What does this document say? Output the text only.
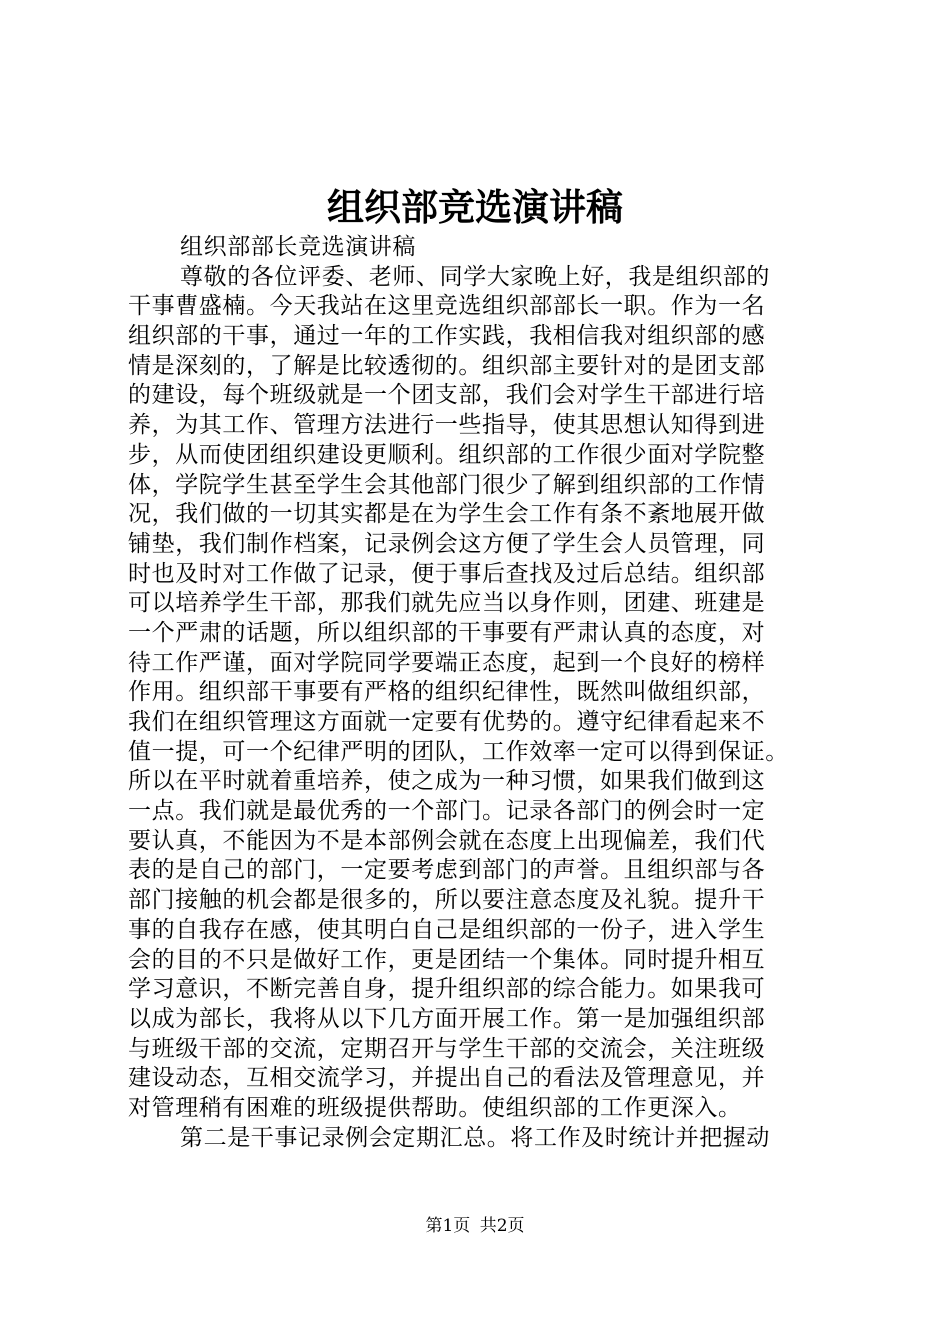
组织部竞选演讲稿
组织部部长竞选演讲稿
尊敬的各位评委、老师、同学大家晚上好，我是组织部的
干事曹盛楠。今天我站在这里竞选组织部部长一职。作为一名
组织部的干事，通过一年的工作实践，我相信我对组织部的感
情是深刻的，了解是比较透彻的。组织部主要针对的是团支部
的建设，每个班级就是一个团支部，我们会对学生干部进行培
养，为其工作、管理方法进行一些指导，使其思想认知得到进
步，从而使团组织建设更顺利。组织部的工作很少面对学院整
体，学院学生甚至学生会其他部门很少了解到组织部的工作情
况，我们做的一切其实都是在为学生会工作有条不紊地展开做
铺垫，我们制作档案，记录例会这方便了学生会人员管理，同
时也及时对工作做了记录，便于事后查找及过后总结。组织部
可以培养学生干部，那我们就先应当以身作则，团建、班建是
一个严肃的话题，所以组织部的干事要有严肃认真的态度，对
待工作严谨，面对学院同学要端正态度，起到一个良好的榜样
作用。组织部干事要有严格的组织纪律性，既然叫做组织部，
我们在组织管理这方面就一定要有优势的。遵守纪律看起来不
值一提，可一个纪律严明的团队，工作效率一定可以得到保证。
所以在平时就着重培养，使之成为一种习惯，如果我们做到这
一点。我们就是最优秀的一个部门。记录各部门的例会时一定
要认真，不能因为不是本部例会就在态度上出现偏差，我们代
表的是自己的部门，一定要考虑到部门的声誉。且组织部与各
部门接触的机会都是很多的，所以要注意态度及礼貌。提升干
事的自我存在感，使其明白自己是组织部的一份子，进入学生
会的目的不只是做好工作，更是团结一个集体。同时提升相互
学习意识，不断完善自身，提升组织部的综合能力。如果我可
以成为部长，我将从以下几方面开展工作。第一是加强组织部
与班级干部的交流，定期召开与学生干部的交流会，关注班级
建设动态，互相交流学习，并提出自己的看法及管理意见，并
对管理稍有困难的班级提供帮助。使组织部的工作更深入。
第二是干事记录例会定期汇总。将工作及时统计并把握动
第1页 共2页
